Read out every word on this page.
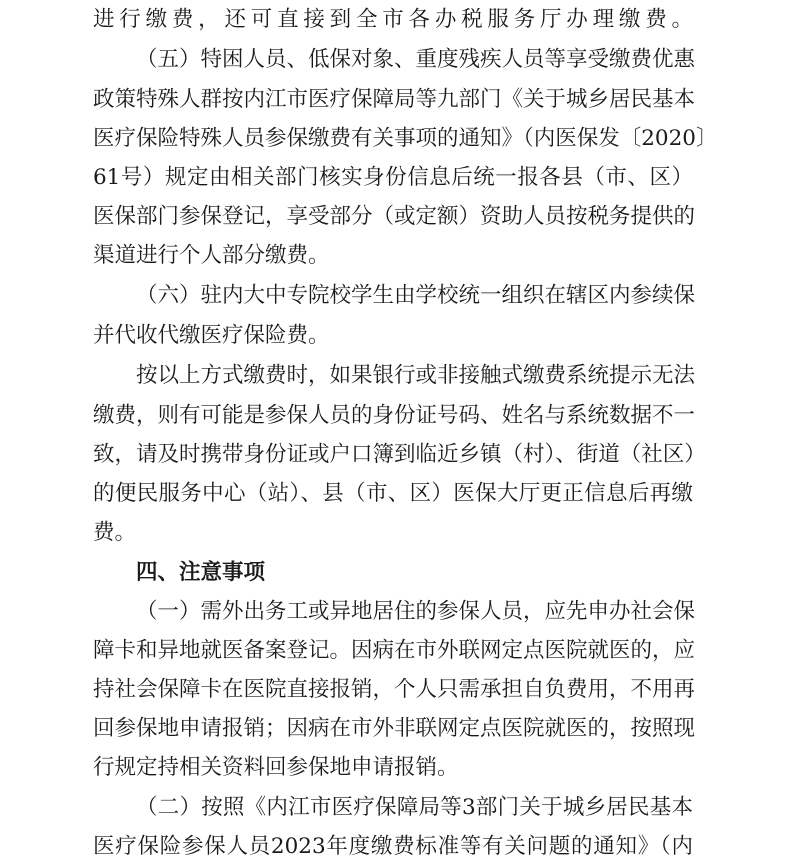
进行缴费，还可直接到全市各办税服务厅办理缴费。
（五）特困人员、低保对象、重度残疾人员等享受缴费优惠
政策特殊人群按内江市医疗保障局等九部门《关于城乡居民基本
医疗保险特殊人员参保缴费有关事项的通知》（内医保发〔2020〕
61号）规定由相关部门核实身份信息后统一报各县（市、区）
医保部门参保登记，享受部分（或定额）资助人员按税务提供的
渠道进行个人部分缴费。
（六）驻内大中专院校学生由学校统一组织在辖区内参续保
并代收代缴医疗保险费。
按以上方式缴费时，如果银行或非接触式缴费系统提示无法
缴费，则有可能是参保人员的身份证号码、姓名与系统数据不一
致，请及时携带身份证或户口簿到临近乡镇（村）、街道（社区）
的便民服务中心（站）、县（市、区）医保大厅更正信息后再缴
费。
四、注意事项
（一）需外出务工或异地居住的参保人员，应先申办社会保
障卡和异地就医备案登记。因病在市外联网定点医院就医的，应
持社会保障卡在医院直接报销，个人只需承担自负费用，不用再
回参保地申请报销；因病在市外非联网定点医院就医的，按照现
行规定持相关资料回参保地申请报销。
（二）按照《内江市医疗保障局等3部门关于城乡居民基本
医疗保险参保人员2023年度缴费标准等有关问题的通知》（内
